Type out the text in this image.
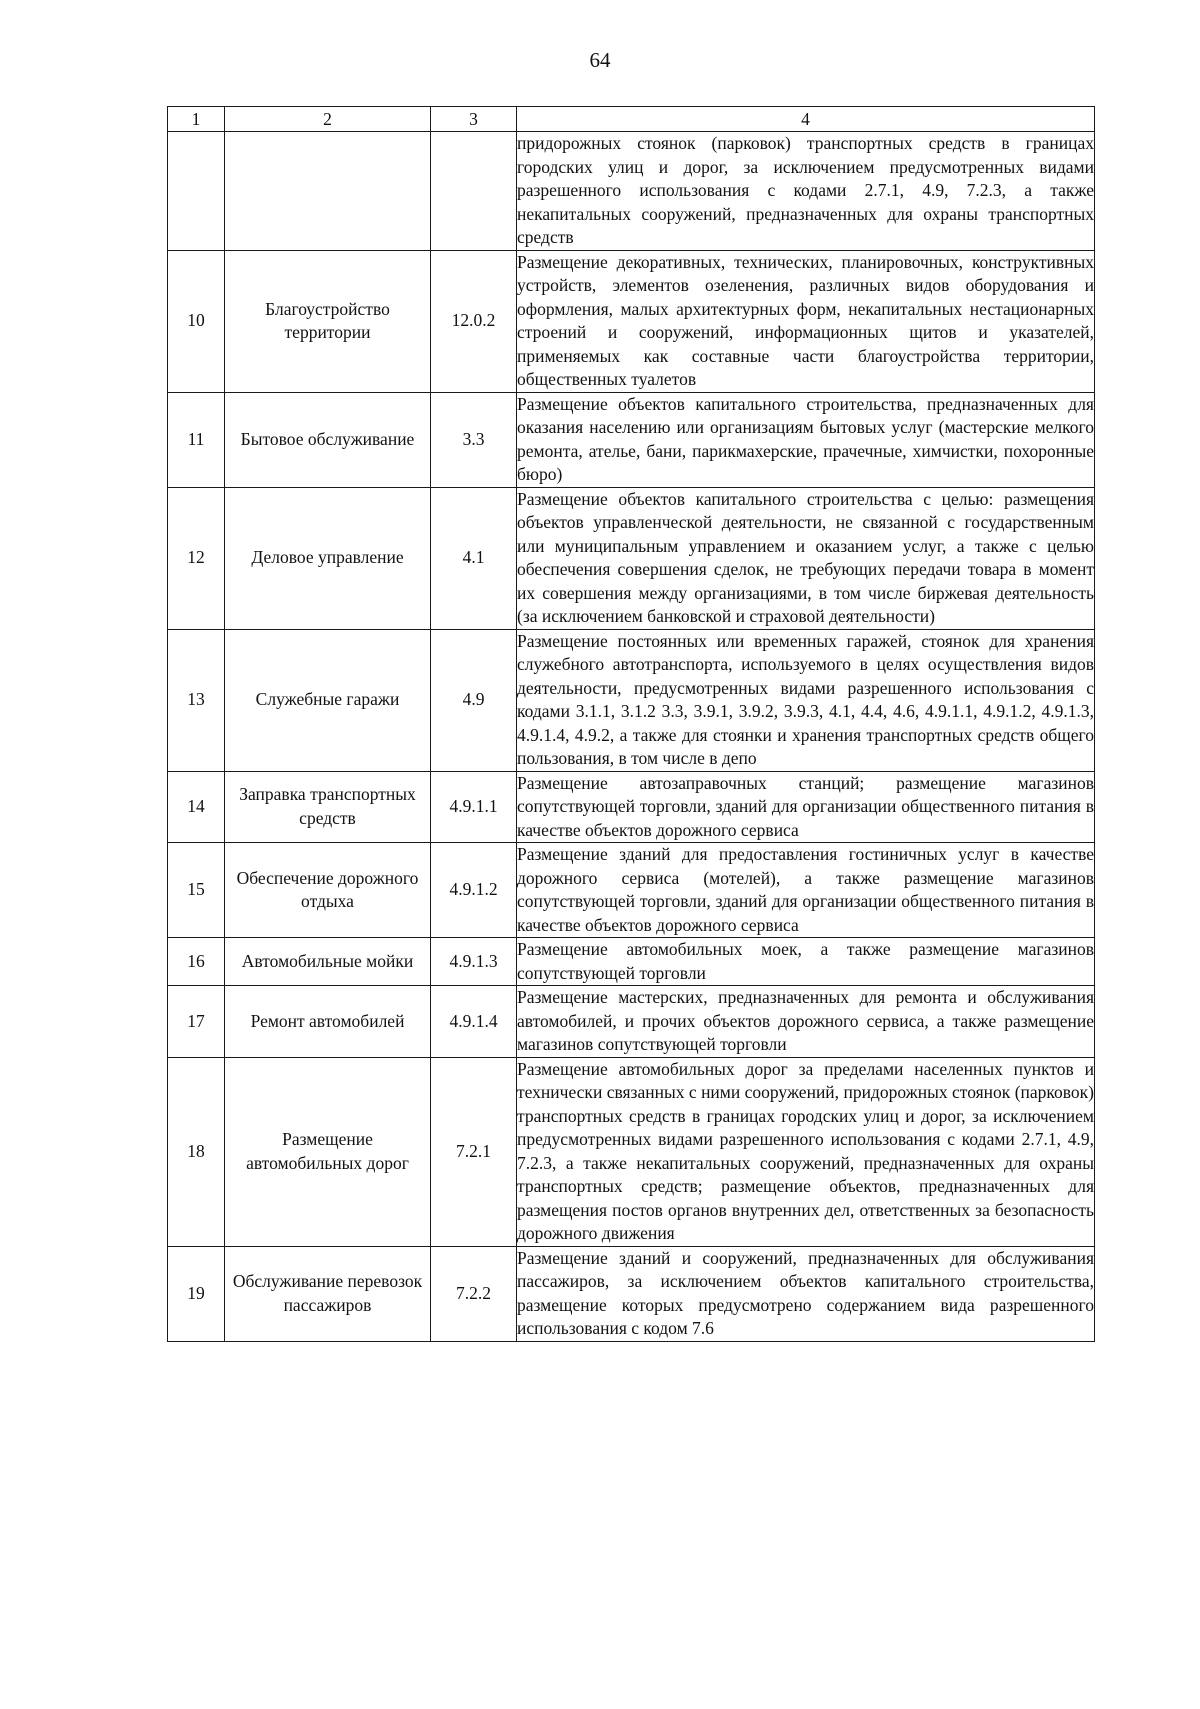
64
1	2	3	4
			придорожных стоянок (парковок) транспортных средств в границах городских улиц и дорог, за исключением предусмотренных видами разрешенного использования с кодами 2.7.1, 4.9, 7.2.3, а также некапитальных сооружений, предназначенных для охраны транспортных средств
10	Благоустройство территории	12.0.2	Размещение декоративных, технических, планировочных, конструктивных устройств, элементов озеленения, различных видов оборудования и оформления, малых архитектурных форм, некапитальных нестационарных строений и сооружений, информационных щитов и указателей, применяемых как составные части благоустройства территории, общественных туалетов
11	Бытовое обслуживание	3.3	Размещение объектов капитального строительства, предназначенных для оказания населению или организациям бытовых услуг (мастерские мелкого ремонта, ателье, бани, парикмахерские, прачечные, химчистки, похоронные бюро)
12	Деловое управление	4.1	Размещение объектов капитального строительства с целью: размещения объектов управленческой деятельности, не связанной с государственным или муниципальным управлением и оказанием услуг, а также с целью обеспечения совершения сделок, не требующих передачи товара в момент их совершения между организациями, в том числе биржевая деятельность (за исключением банковской и страховой деятельности)
13	Служебные гаражи	4.9	Размещение постоянных или временных гаражей, стоянок для хранения служебного автотранспорта, используемого в целях осуществления видов деятельности, предусмотренных видами разрешенного использования с кодами 3.1.1, 3.1.2 3.3, 3.9.1, 3.9.2, 3.9.3, 4.1, 4.4, 4.6, 4.9.1.1, 4.9.1.2, 4.9.1.3, 4.9.1.4, 4.9.2, а также для стоянки и хранения транспортных средств общего пользования, в том числе в депо
14	Заправка транспортных средств	4.9.1.1	Размещение автозаправочных станций; размещение магазинов сопутствующей торговли, зданий для организации общественного питания в качестве объектов дорожного сервиса
15	Обеспечение дорожного отдыха	4.9.1.2	Размещение зданий для предоставления гостиничных услуг в качестве дорожного сервиса (мотелей), а также размещение магазинов сопутствующей торговли, зданий для организации общественного питания в качестве объектов дорожного сервиса
16	Автомобильные мойки	4.9.1.3	Размещение автомобильных моек, а также размещение магазинов сопутствующей торговли
17	Ремонт автомобилей	4.9.1.4	Размещение мастерских, предназначенных для ремонта и обслуживания автомобилей, и прочих объектов дорожного сервиса, а также размещение магазинов сопутствующей торговли
18	Размещение автомобильных дорог	7.2.1	Размещение автомобильных дорог за пределами населенных пунктов и технически связанных с ними сооружений, придорожных стоянок (парковок) транспортных средств в границах городских улиц и дорог, за исключением предусмотренных видами разрешенного использования с кодами 2.7.1, 4.9, 7.2.3, а также некапитальных сооружений, предназначенных для охраны транспортных средств; размещение объектов, предназначенных для размещения постов органов внутренних дел, ответственных за безопасность дорожного движения
19	Обслуживание перевозок пассажиров	7.2.2	Размещение зданий и сооружений, предназначенных для обслуживания пассажиров, за исключением объектов капитального строительства, размещение которых предусмотрено содержанием вида разрешенного использования с кодом 7.6
